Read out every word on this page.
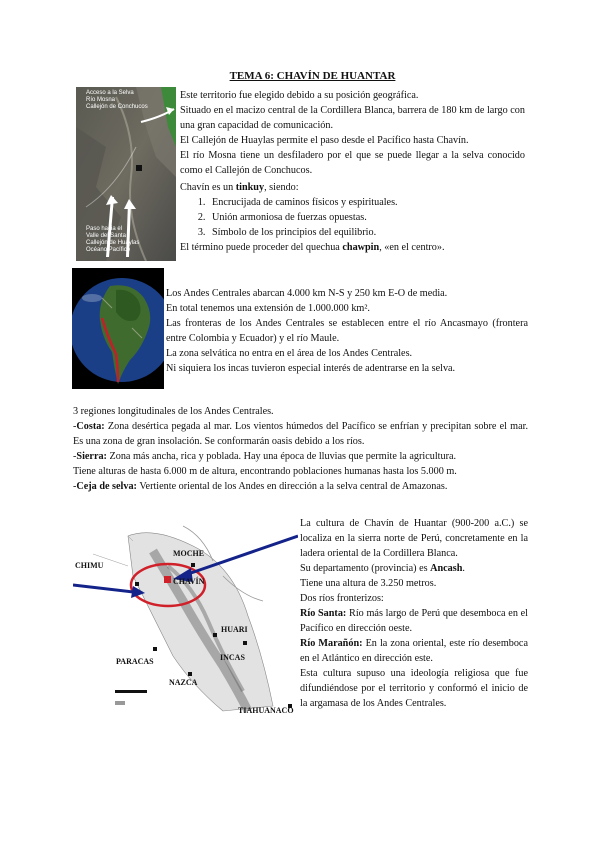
TEMA 6: CHAVÍN DE HUANTAR
Acceso a la Selva
Río Mosna
Callejón de Conchucos
Paso hacia el
Valle del Santa
Callejón de Huaylas
Océano Pacífico

Este territorio fue elegido debido a su posición geográfica.

Situado en el macizo central de la Cordillera Blanca, barrera de 180 km de largo con una gran capacidad de comunicación.

El Callejón de Huaylas permite el paso desde el Pacífico hasta Chavín.

El río Mosna tiene un desfiladero por el que se puede llegar a la selva conocido como el Callejón de Conchucos.

Chavín es un tinkuy, siendo:

1. Encrucijada de caminos físicos y espirituales.
2. Unión armoniosa de fuerzas opuestas.
3. Símbolo de los principios del equilibrio.

El término puede proceder del quechua chawpin, «en el centro».

Los Andes Centrales abarcan 4.000 km N-S y 250 km E-O de media.

En total tenemos una extensión de 1.000.000 km².

Las fronteras de los Andes Centrales se establecen entre el río Ancasmayo (frontera entre Colombia y Ecuador) y el río Maule.

La zona selvática no entra en el área de los Andes Centrales.

Ni siquiera los incas tuvieron especial interés de adentrarse en la selva.

3 regiones longitudinales de los Andes Centrales.

-Costa: Zona desértica pegada al mar. Los vientos húmedos del Pacífico se enfrían y precipitan sobre el mar. Es una zona de gran insolación. Se conformarán oasis debido a los ríos.

-Sierra: Zona más ancha, rica y poblada. Hay una época de lluvias que permite la agricultura.

Tiene alturas de hasta 6.000 m de altura, encontrando poblaciones humanas hasta los 5.000 m.

-Ceja de selva: Vertiente oriental de los Andes en dirección a la selva central de Amazonas.

CHIMU
MOCHE
CHAVÍN
HUARI
PARACAS	INCAS
NAZCA
TIAHUANACO

La cultura de Chavín de Huantar (900-200 a.C.) se localiza en la sierra norte de Perú, concretamente en la ladera oriental de la Cordillera Blanca.

Su departamento (provincia) es Ancash.

Tiene una altura de 3.250 metros.

Dos ríos fronterizos:

Río Santa: Río más largo de Perú que desemboca en el Pacífico en dirección oeste.

Río Marañón: En la zona oriental, este río desemboca en el Atlántico en dirección este.

Esta cultura supuso una ideología religiosa que fue difundiéndose por el territorio y conformó el inicio de la argamasa de los Andes Centrales.
